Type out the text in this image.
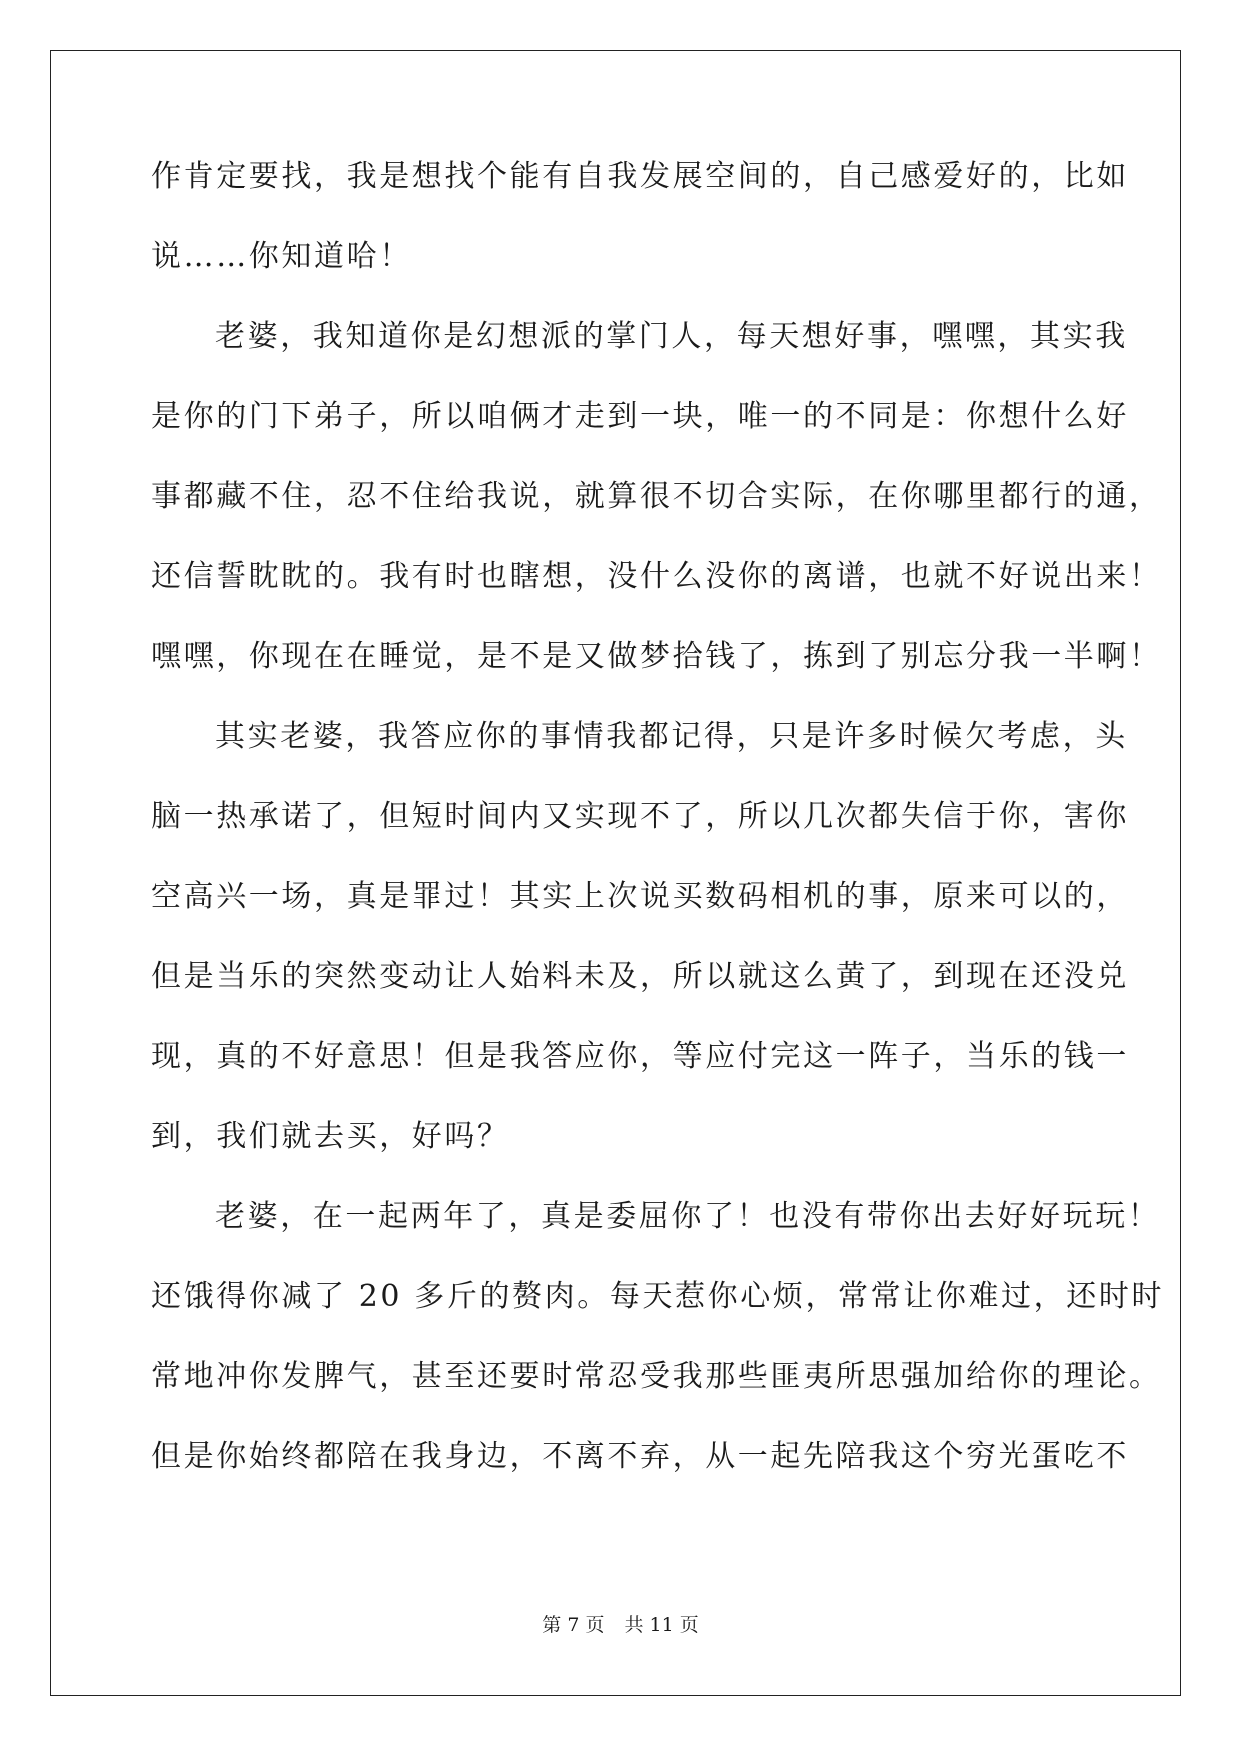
作肯定要找，我是想找个能有自我发展空间的，自己感爱好的，比如
说……你知道哈！
老婆，我知道你是幻想派的掌门人，每天想好事，嘿嘿，其实我
是你的门下弟子，所以咱俩才走到一块，唯一的不同是：你想什么好
事都藏不住，忍不住给我说，就算很不切合实际，在你哪里都行的通，
还信誓眈眈的。我有时也瞎想，没什么没你的离谱，也就不好说出来！
嘿嘿，你现在在睡觉，是不是又做梦拾钱了，拣到了别忘分我一半啊！
其实老婆，我答应你的事情我都记得，只是许多时候欠考虑，头
脑一热承诺了，但短时间内又实现不了，所以几次都失信于你，害你
空高兴一场，真是罪过！其实上次说买数码相机的事，原来可以的，
但是当乐的突然变动让人始料未及，所以就这么黄了，到现在还没兑
现，真的不好意思！但是我答应你，等应付完这一阵子，当乐的钱一
到，我们就去买，好吗？
老婆，在一起两年了，真是委屈你了！也没有带你出去好好玩玩！
还饿得你减了 20 多斤的赘肉。每天惹你心烦，常常让你难过，还时时
常地冲你发脾气，甚至还要时常忍受我那些匪夷所思强加给你的理论。
但是你始终都陪在我身边，不离不弃，从一起先陪我这个穷光蛋吃不
第 7 页 共 11 页
